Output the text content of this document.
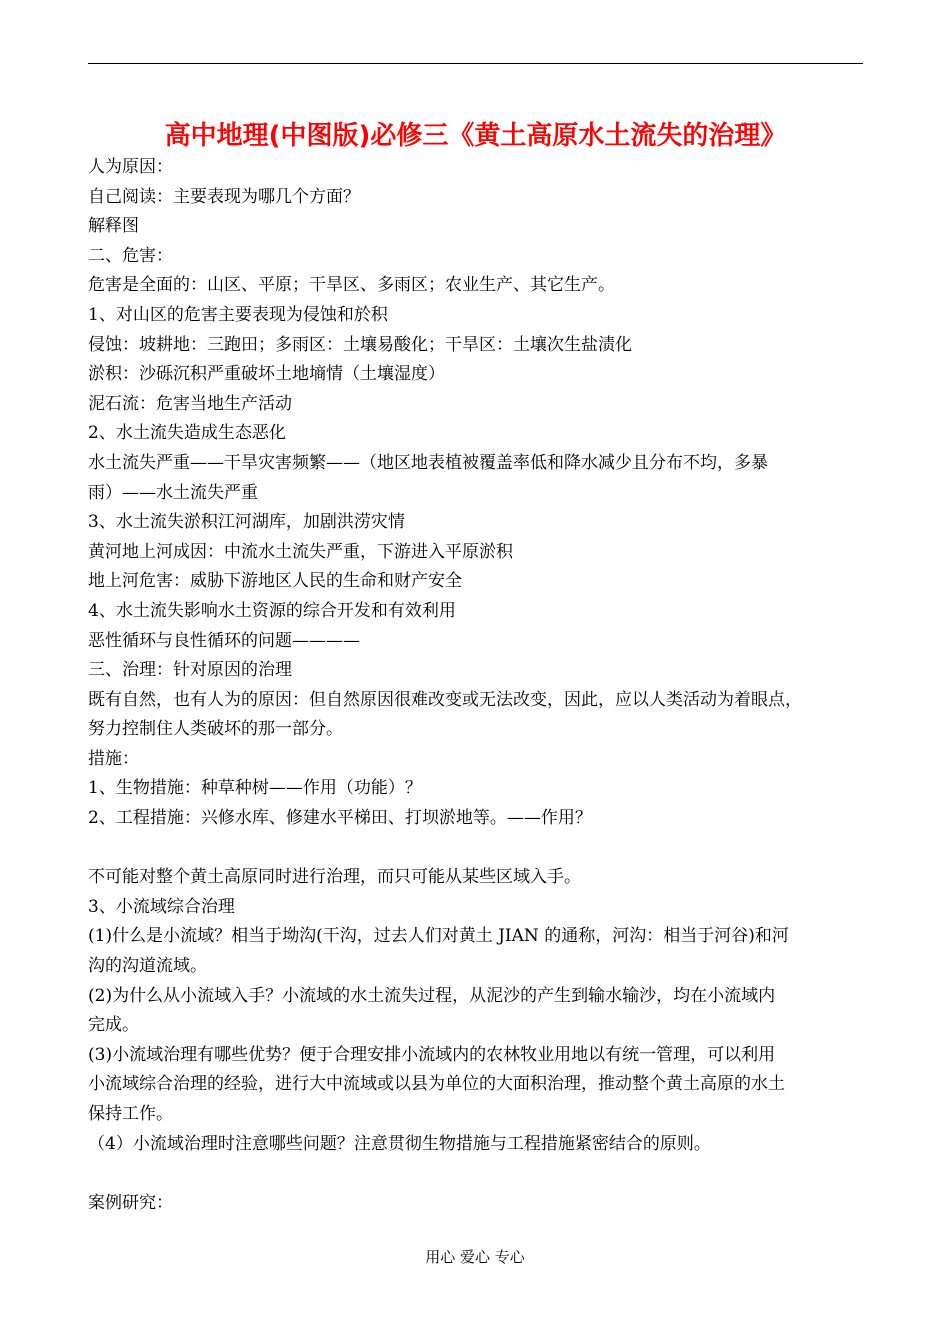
高中地理(中图版)必修三《黄土高原水土流失的治理》
人为原因：
自己阅读：主要表现为哪几个方面？
解释图
二、危害：
危害是全面的：山区、平原；干旱区、多雨区；农业生产、其它生产。
1、对山区的危害主要表现为侵蚀和於积
侵蚀：坡耕地：三跑田；多雨区：土壤易酸化；干旱区：土壤次生盐渍化
淤积：沙砾沉积严重破坏土地墒情（土壤湿度）
泥石流：危害当地生产活动
2、水土流失造成生态恶化
水土流失严重——干旱灾害频繁——（地区地表植被覆盖率低和降水减少且分布不均，多暴
雨）——水土流失严重
3、水土流失淤积江河湖库，加剧洪涝灾情
黄河地上河成因：中流水土流失严重，下游进入平原淤积
地上河危害：威胁下游地区人民的生命和财产安全
4、水土流失影响水土资源的综合开发和有效利用
恶性循环与良性循环的问题————
三、治理：针对原因的治理
既有自然，也有人为的原因：但自然原因很难改变或无法改变，因此，应以人类活动为着眼点，
努力控制住人类破坏的那一部分。
措施：
1、生物措施：种草种树——作用（功能）？
2、工程措施：兴修水库、修建水平梯田、打坝淤地等。——作用？
不可能对整个黄土高原同时进行治理，而只可能从某些区域入手。
3、小流域综合治理
(1)什么是小流域？相当于坳沟(干沟，过去人们对黄土 JIAN 的通称，河沟：相当于河谷)和河
沟的沟道流域。
(2)为什么从小流域入手？小流域的水土流失过程，从泥沙的产生到输水输沙，均在小流域内
完成。
(3)小流域治理有哪些优势？便于合理安排小流域内的农林牧业用地以有统一管理，可以利用
小流域综合治理的经验，进行大中流域或以县为单位的大面积治理，推动整个黄土高原的水土
保持工作。
（4）小流域治理时注意哪些问题？注意贯彻生物措施与工程措施紧密结合的原则。
案例研究：
用心 爱心 专心
